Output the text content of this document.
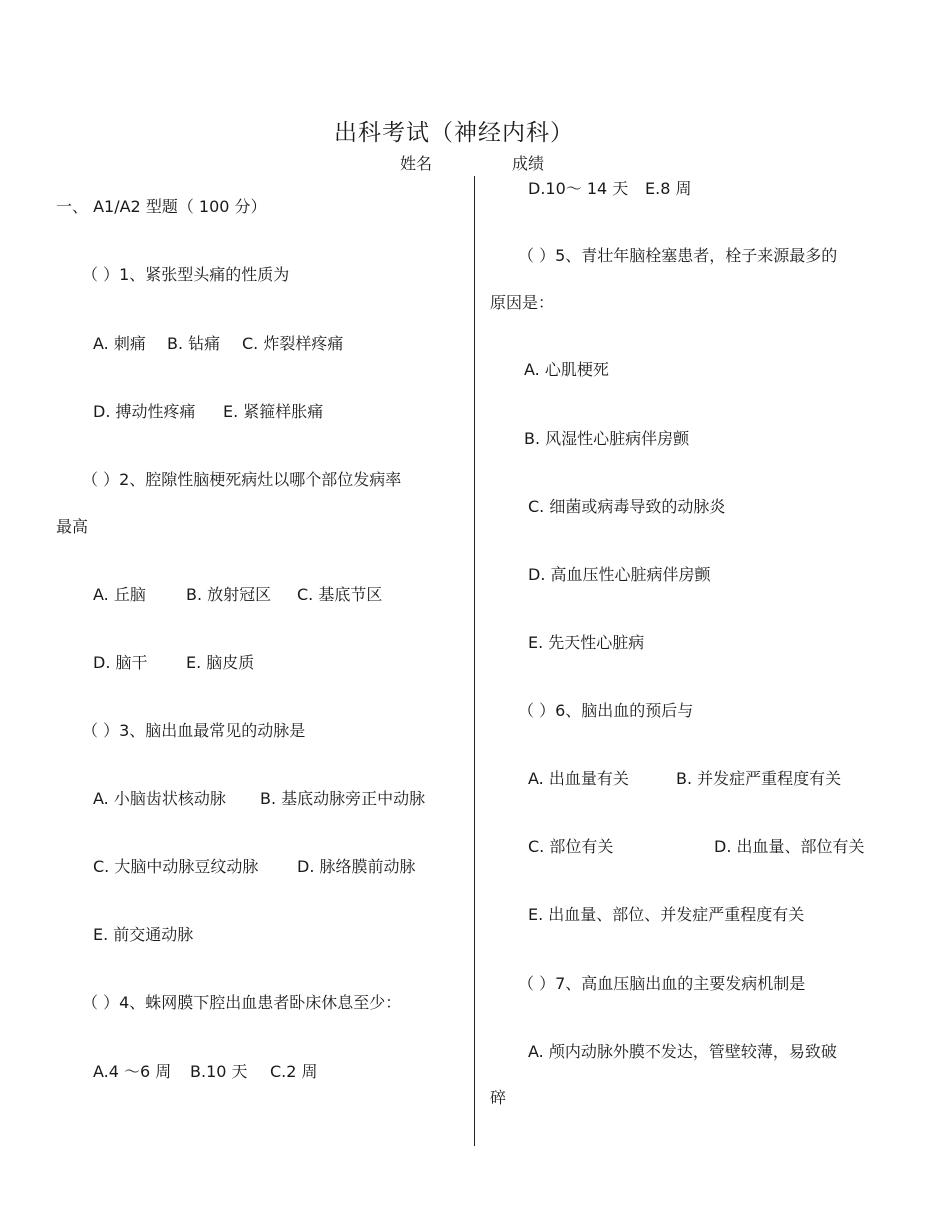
出科考试（神经内科）
姓名	成绩
一、 A1/A2 型题（ 100 分）
（ ）1、紧张型头痛的性质为
A. 刺痛 B. 钻痛 C. 炸裂样疼痛
D. 搏动性疼痛 E. 紧箍样胀痛
（ ）2、腔隙性脑梗死病灶以哪个部位发病率
最高
A. 丘脑	B. 放射冠区 C. 基底节区
D. 脑干 E. 脑皮质
（ ）3、脑出血最常见的动脉是
A. 小脑齿状核动脉 B. 基底动脉旁正中动脉
C. 大脑中动脉豆纹动脉 D. 脉络膜前动脉
E. 前交通动脉
（ ）4、蛛网膜下腔出血患者卧床休息至少：
A.4 ～6 周 B.10 天 C.2 周
D.10～ 14 天 E.8 周
（ ）5、青壮年脑栓塞患者，栓子来源最多的
原因是：
A. 心肌梗死
B. 风湿性心脏病伴房颤
C. 细菌或病毒导致的动脉炎
D. 高血压性心脏病伴房颤
E. 先天性心脏病
（ ）6、脑出血的预后与
A. 出血量有关	B. 并发症严重程度有关
C. 部位有关	D. 出血量、部位有关
E. 出血量、部位、并发症严重程度有关
（ ）7、高血压脑出血的主要发病机制是
A. 颅内动脉外膜不发达，管壁较薄，易致破
碎
